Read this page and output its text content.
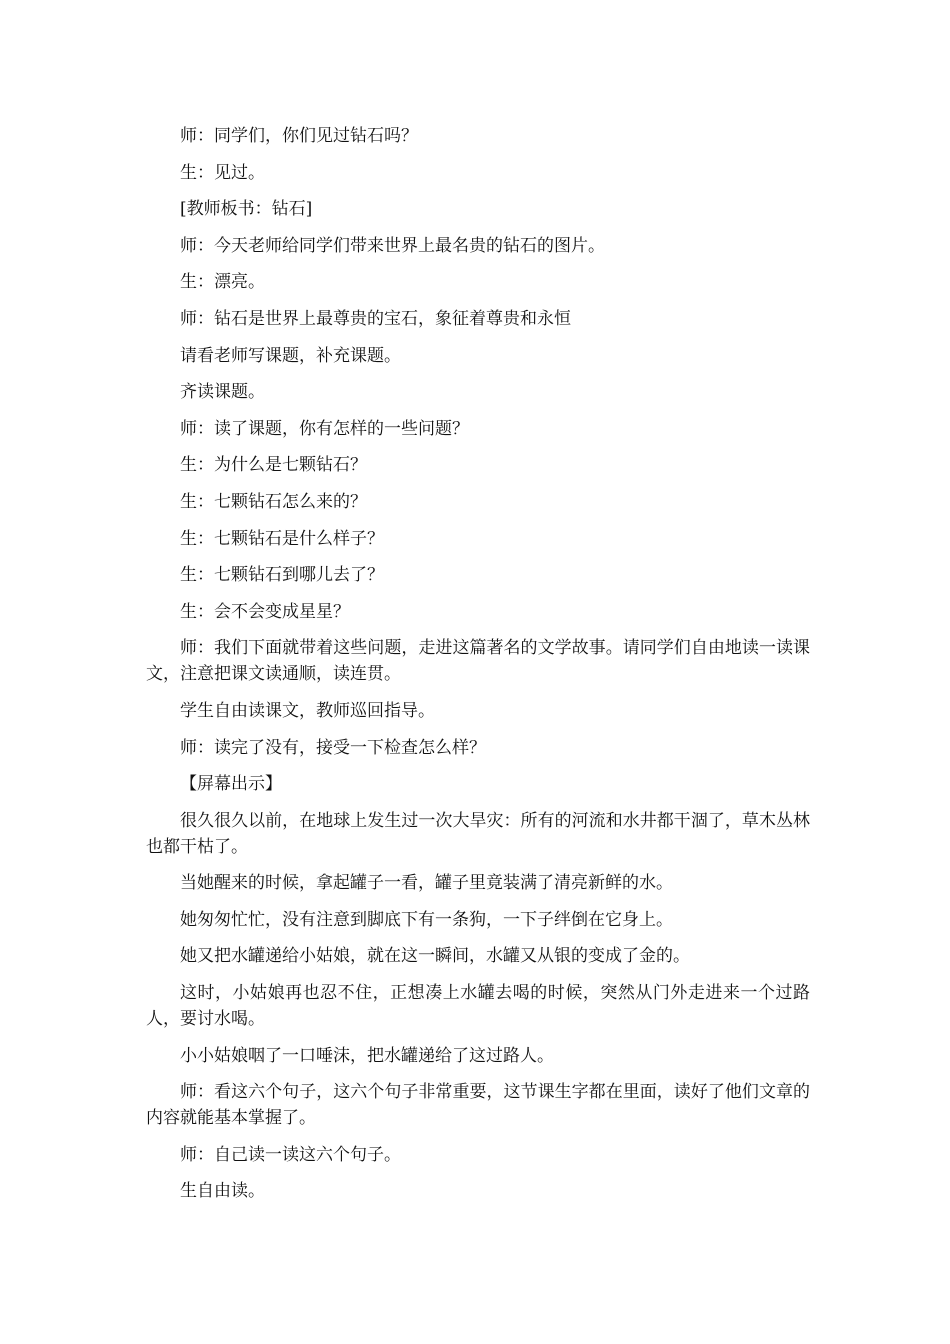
师：同学们，你们见过钻石吗？

生：见过。

[教师板书：钻石]

师：今天老师给同学们带来世界上最名贵的钻石的图片。

生：漂亮。

师：钻石是世界上最尊贵的宝石，象征着尊贵和永恒

请看老师写课题，补充课题。

齐读课题。

师：读了课题，你有怎样的一些问题？

生：为什么是七颗钻石？

生：七颗钻石怎么来的？

生：七颗钻石是什么样子？

生：七颗钻石到哪儿去了？

生：会不会变成星星？

师：我们下面就带着这些问题，走进这篇著名的文学故事。请同学们自由地读一读课文，注意把课文读通顺，读连贯。

学生自由读课文，教师巡回指导。

师：读完了没有，接受一下检查怎么样？

【屏幕出示】

很久很久以前，在地球上发生过一次大旱灾：所有的河流和水井都干涸了，草木丛林也都干枯了。

当她醒来的时候，拿起罐子一看，罐子里竟装满了清亮新鲜的水。

她匆匆忙忙，没有注意到脚底下有一条狗，一下子绊倒在它身上。

她又把水罐递给小姑娘，就在这一瞬间，水罐又从银的变成了金的。

这时，小姑娘再也忍不住，正想凑上水罐去喝的时候，突然从门外走进来一个过路人，要讨水喝。

小小姑娘咽了一口唾沫，把水罐递给了这过路人。

师：看这六个句子，这六个句子非常重要，这节课生字都在里面，读好了他们文章的内容就能基本掌握了。

师：自己读一读这六个句子。

生自由读。
